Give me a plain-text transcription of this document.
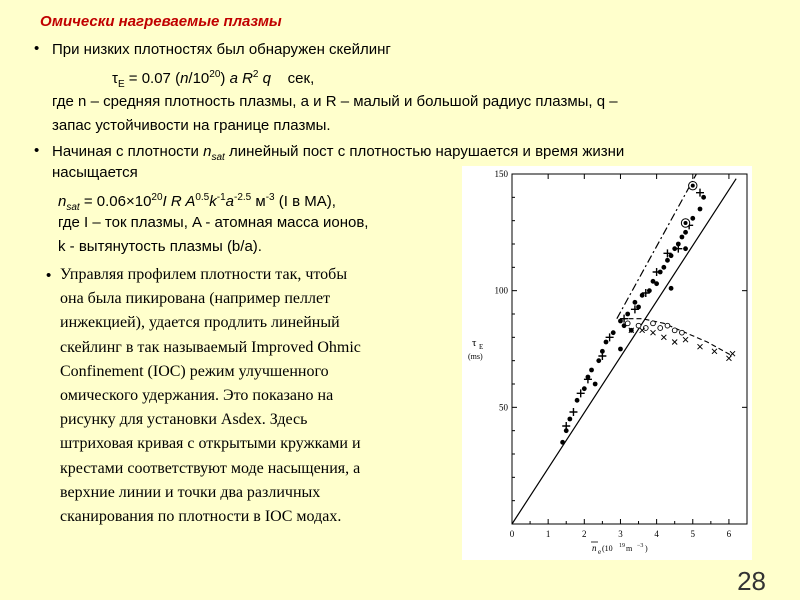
Омически нагреваемые плазмы
• При низких плотностях был обнаружен скейлинг
$\tau_E = 0.07$ $(n/10^{20})$ a $R^2$ q сек,
где n – средняя плотность плазмы, a и R – малый и большой радиус плазмы, q –
запас устойчивости на границе плазмы.
• Начиная с плотности $n_{sat}$ линейный пост с плотностью нарушается и время жизни
насыщается
$n_{sat} = 0.06\times 10^{20}I$ R $A^{0.5}k^{-1}a^{-2.5}$ $м^{-3}$ (I в МА),
где I – ток плазмы, A - атомная масса ионов,
k - вытянутость плазмы (b/a).
• Управляя профилем плотности так, чтобы
она была пикирована (например пеллет
инжекцией), удается продлить линейный
скейлинг в так называемый Improved Ohmic
Confinement (IOC) режим улучшенного
омического удержания. Это показано на
рисунку для установки Asdex. Здесь
штриховая кривая с открытыми кружками и
крестами соответствуют моде насыщения, а
верхние линии и точки два различных
сканирования по плотности в IOC модах.
0	1	2	3	4	5	6
50
100
150
τ E
(ms)
n e (10 19 m −3 )
28
